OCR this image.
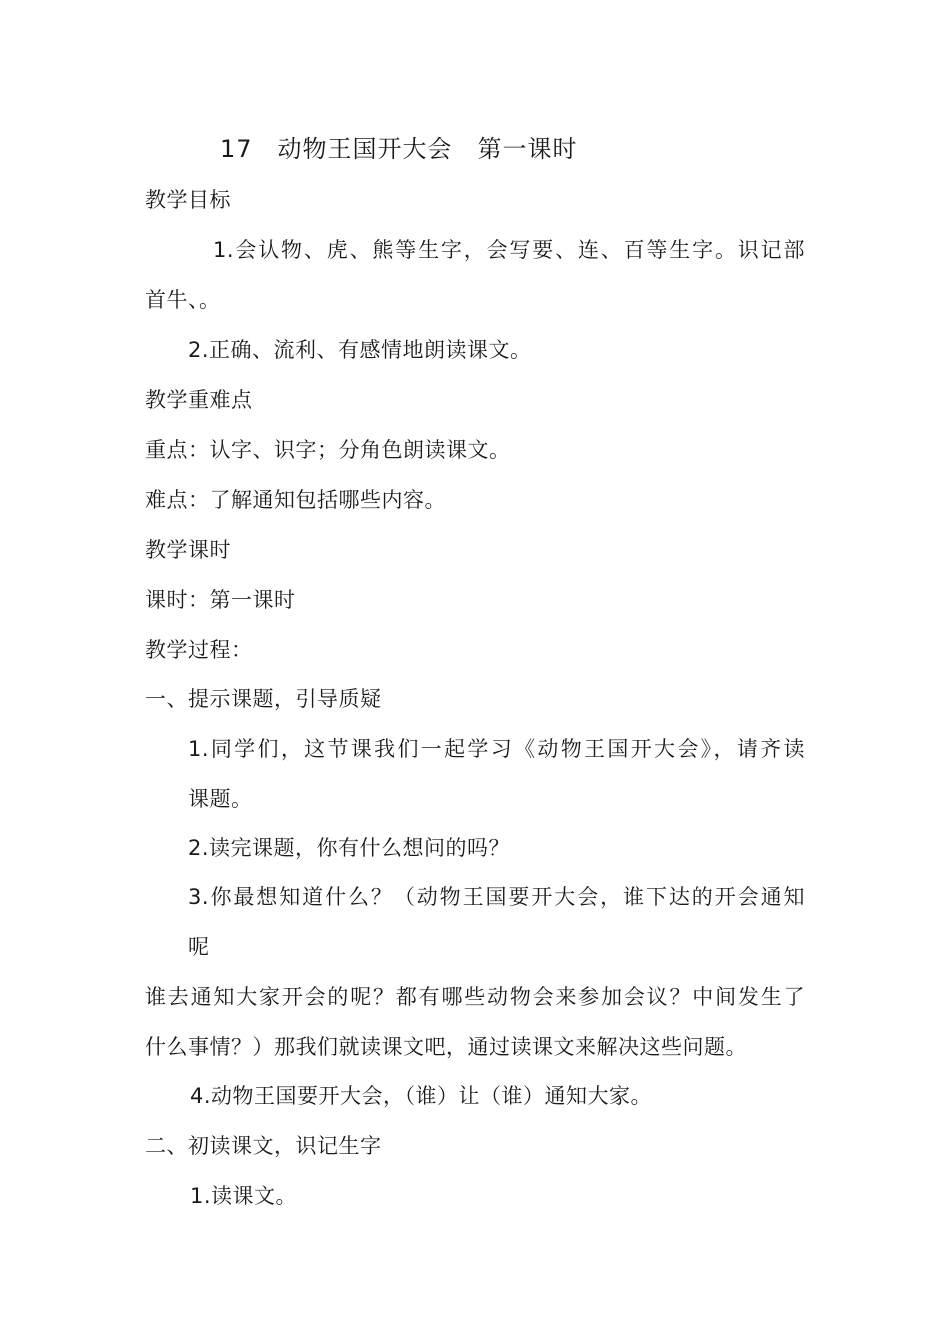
17　动物王国开大会　第一课时
教学目标
1.会认物、虎、熊等生字，会写要、连、百等生字。识记部
首牛、。
2.正确、流利、有感情地朗读课文。
教学重难点
重点：认字、识字；分角色朗读课文。
难点：了解通知包括哪些内容。
教学课时
课时：第一课时
教学过程：
一、提示课题，引导质疑
1.同学们，这节课我们一起学习《动物王国开大会》，请齐读
课题。
2.读完课题，你有什么想问的吗？
3.你最想知道什么？（动物王国要开大会，谁下达的开会通知
呢
谁去通知大家开会的呢？都有哪些动物会来参加会议？中间发生了
什么事情？）那我们就读课文吧，通过读课文来解决这些问题。
4.动物王国要开大会，（谁）让（谁）通知大家。
二、初读课文，识记生字
1.读课文。
